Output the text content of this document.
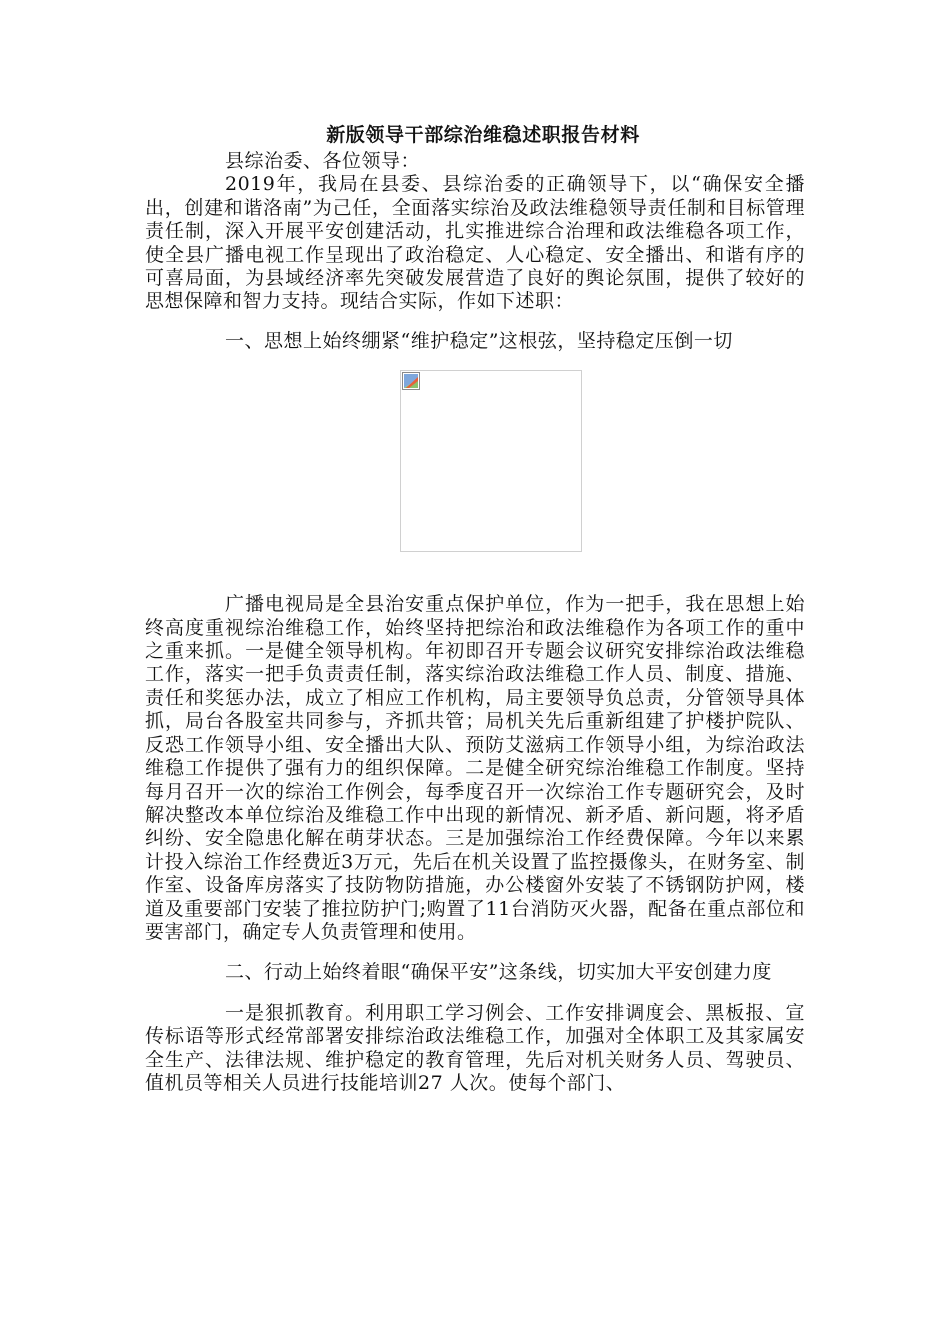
新版领导干部综治维稳述职报告材料

县综治委、各位领导：

2019年，我局在县委、县综治委的正确领导下，以“确保安全播出，创建和谐洛南”为己任，全面落实综治及政法维稳领导责任制和目标管理责任制，深入开展平安创建活动，扎实推进综合治理和政法维稳各项工作，使全县广播电视工作呈现出了政治稳定、人心稳定、安全播出、和谐有序的可喜局面，为县域经济率先突破发展营造了良好的舆论氛围，提供了较好的思想保障和智力支持。现结合实际，作如下述职：

一、思想上始终绷紧“维护稳定”这根弦，坚持稳定压倒一切

广播电视局是全县治安重点保护单位，作为一把手，我在思想上始终高度重视综治维稳工作，始终坚持把综治和政法维稳作为各项工作的重中之重来抓。一是健全领导机构。年初即召开专题会议研究安排综治政法维稳工作，落实一把手负责责任制，落实综治政法维稳工作人员、制度、措施、责任和奖惩办法，成立了相应工作机构，局主要领导负总责，分管领导具体抓，局台各股室共同参与，齐抓共管；局机关先后重新组建了护楼护院队、反恐工作领导小组、安全播出大队、预防艾滋病工作领导小组，为综治政法维稳工作提供了强有力的组织保障。二是健全研究综治维稳工作制度。坚持每月召开一次的综治工作例会，每季度召开一次综治工作专题研究会，及时解决整改本单位综治及维稳工作中出现的新情况、新矛盾、新问题，将矛盾纠纷、安全隐患化解在萌芽状态。三是加强综治工作经费保障。今年以来累计投入综治工作经费近3万元，先后在机关设置了监控摄像头，在财务室、制作室、设备库房落实了技防物防措施，办公楼窗外安装了不锈钢防护网，楼道及重要部门安装了推拉防护门;购置了11台消防灭火器，配备在重点部位和要害部门，确定专人负责管理和使用。

二、行动上始终着眼“确保平安”这条线，切实加大平安创建力度

一是狠抓教育。利用职工学习例会、工作安排调度会、黑板报、宣传标语等形式经常部署安排综治政法维稳工作，加强对全体职工及其家属安全生产、法律法规、维护稳定的教育管理，先后对机关财务人员、驾驶员、值机员等相关人员进行技能培训27 人次。使每个部门、
